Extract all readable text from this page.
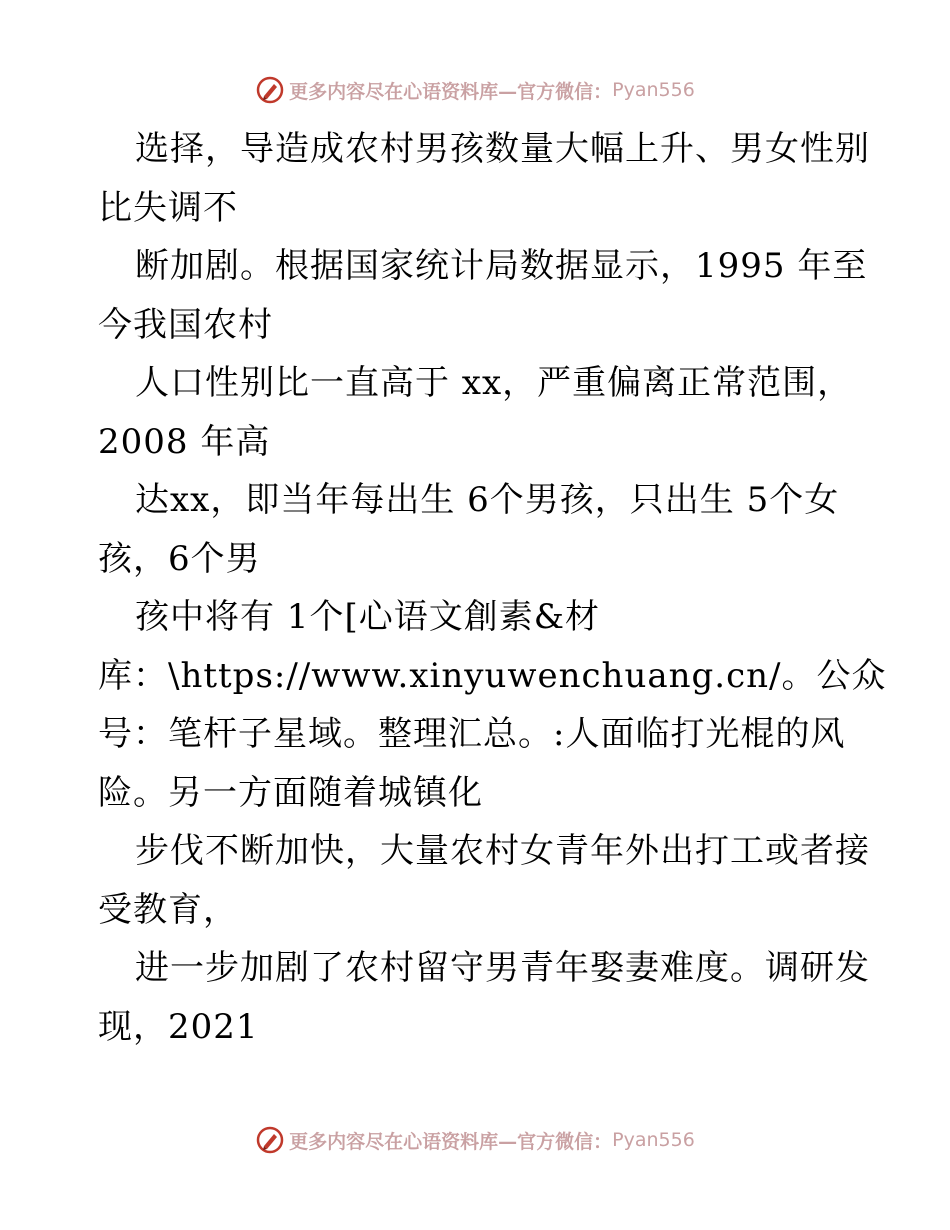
更多内容尽在心语资料库—官方微信： Pyan556
选择，导造成农村男孩数量大幅上升、男女性别
比失调不
断加剧。根据国家统计局数据显示，1995 年至
今我国农村
人口性别比一直高于 xx，严重偏离正常范围，
2008 年高
达xx，即当年每出生 6个男孩，只出生 5个女
孩，6个男
孩中将有 1个[心语文創素&材
库：\https://www.xinyuwenchuang.cn/。公众
号：笔杆子星域。整理汇总。:人面临打光棍的风
险。另一方面随着城镇化
步伐不断加快，大量农村女青年外出打工或者接
受教育，
进一步加剧了农村留守男青年娶妻难度。调研发
现，2021
更多内容尽在心语资料库—官方微信： Pyan556
